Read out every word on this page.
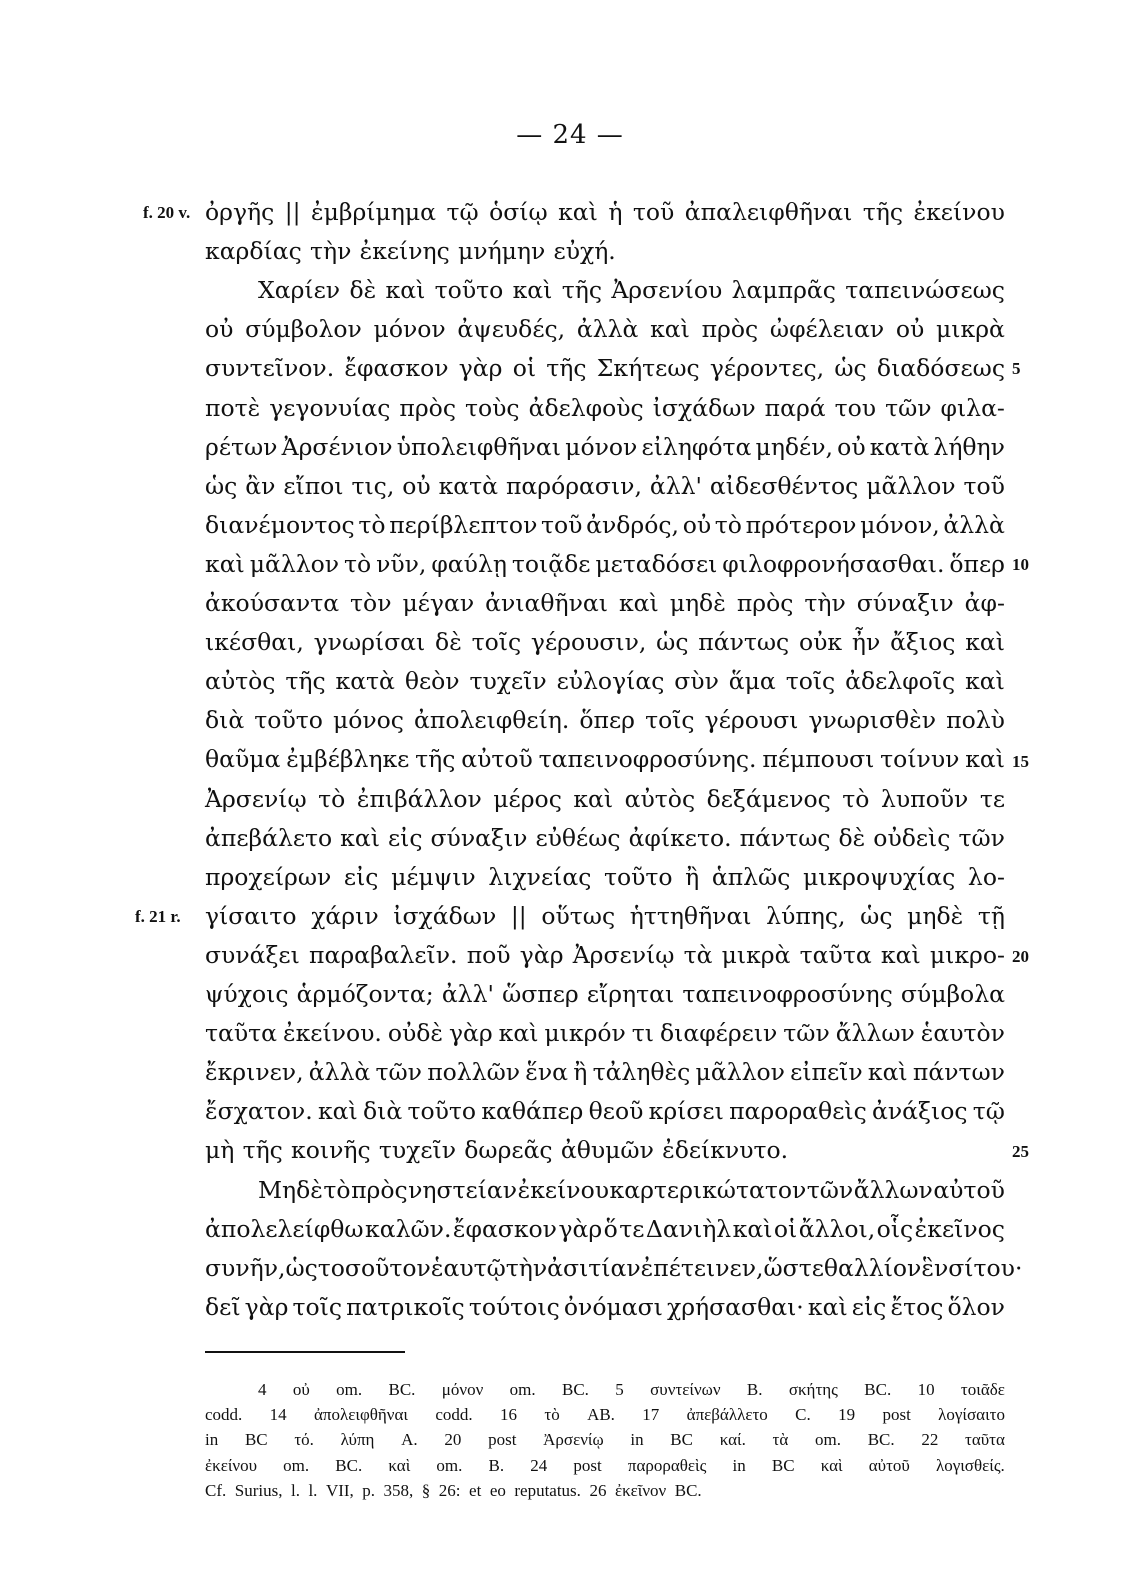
— 24 —
f. 20 v.
f. 21 r.
5
10
15
20
25
ὀργῆς || ἐμβρίμημα τῷ ὁσίῳ καὶ ἡ τοῦ ἀπαλειφθῆναι τῆς ἐκείνου
καρδίας τὴν ἐκείνης μνήμην εὐχή.
Χαρίεν δὲ καὶ τοῦτο καὶ τῆς Ἀρσενίου λαμπρᾶς ταπεινώσεως
οὐ σύμβολον μόνον ἀψευδές, ἀλλὰ καὶ πρὸς ὠφέλειαν οὐ μικρὰ
συντεῖνον. ἔφασκον γὰρ οἱ τῆς Σκήτεως γέροντες, ὡς διαδόσεως
ποτὲ γεγονυίας πρὸς τοὺς ἀδελφοὺς ἰσχάδων παρά του τῶν φιλα-
ρέτων Ἀρσένιον ὑπολειφθῆναι μόνον εἰληφότα μηδέν, οὐ κατὰ λήθην
ὡς ἂν εἴποι τις, οὐ κατὰ παρόρασιν, ἀλλ' αἰδεσθέντος μᾶλλον τοῦ
διανέμοντος τὸ περίβλεπτον τοῦ ἀνδρός, οὐ τὸ πρότερον μόνον, ἀλλὰ
καὶ μᾶλλον τὸ νῦν, φαύλῃ τοιᾷδε μεταδόσει φιλοφρονήσασθαι. ὅπερ
ἀκούσαντα τὸν μέγαν ἀνιαθῆναι καὶ μηδὲ πρὸς τὴν σύναξιν ἀφ-
ικέσθαι, γνωρίσαι δὲ τοῖς γέρουσιν, ὡς πάντως οὐκ ἦν ἄξιος καὶ
αὐτὸς τῆς κατὰ θεὸν τυχεῖν εὐλογίας σὺν ἅμα τοῖς ἀδελφοῖς καὶ
διὰ τοῦτο μόνος ἀπολειφθείη. ὅπερ τοῖς γέρουσι γνωρισθὲν πολὺ
θαῦμα ἐμβέβληκε τῆς αὐτοῦ ταπεινοφροσύνης. πέμπουσι τοίνυν καὶ
Ἀρσενίῳ τὸ ἐπιβάλλον μέρος καὶ αὐτὸς δεξάμενος τὸ λυποῦν τε
ἀπεβάλετο καὶ εἰς σύναξιν εὐθέως ἀφίκετο. πάντως δὲ οὐδεὶς τῶν
προχείρων εἰς μέμψιν λιχνείας τοῦτο ἢ ἁπλῶς μικροψυχίας λο-
γίσαιτο χάριν ἰσχάδων || οὕτως ἡττηθῆναι λύπης, ὡς μηδὲ τῇ
συνάξει παραβαλεῖν. ποῦ γὰρ Ἀρσενίῳ τὰ μικρὰ ταῦτα καὶ μικρο-
ψύχοις ἁρμόζοντα; ἀλλ' ὥσπερ εἴρηται ταπεινοφροσύνης σύμβολα
ταῦτα ἐκείνου. οὐδὲ γὰρ καὶ μικρόν τι διαφέρειν τῶν ἄλλων ἑαυτὸν
ἔκρινεν, ἀλλὰ τῶν πολλῶν ἕνα ἢ τἀληθὲς μᾶλλον εἰπεῖν καὶ πάντων
ἔσχατον. καὶ διὰ τοῦτο καθάπερ θεοῦ κρίσει παροραθεὶς ἀνάξιος τῷ
μὴ τῆς κοινῆς τυχεῖν δωρεᾶς ἀθυμῶν ἐδείκνυτο.
Μηδὲ τὸ πρὸς νηστείαν ἐκείνου καρτερικώτατον τῶν ἄλλων αὐτοῦ
ἀπολελείφθω καλῶν. ἔφασκον γὰρ ὅ τε Δανιὴλ καὶ οἱ ἄλλοι, οἷς ἐκεῖνος
συνῆν, ὡς τοσοῦτον ἑαυτῷ τὴν ἀσιτίαν ἐπέτεινεν, ὥστε θαλλίον ἓν σίτου·
δεῖ γὰρ τοῖς πατρικοῖς τούτοις ὀνόμασι χρήσασθαι· καὶ εἰς ἔτος ὅλον
4 οὐ om. BC. μόνον om. BC. 5 συντείνων B. σκήτης BC. 10 τοιᾶδε
codd. 14 ἀπολειφθῆναι codd. 16 τὸ AB. 17 ἀπεβάλλετο C. 19 post λογίσαιτο
in BC τό. λύπη A. 20 post Ἀρσενίῳ in BC καί. τὰ om. BC. 22 ταῦτα
ἐκείνου om. BC. καὶ om. B. 24 post παροραθεὶς in BC καὶ αὐτοῦ λογισθείς.
Cf. Surius, l. l. VII, p. 358, § 26: et eo reputatus. 26 ἐκεῖνον BC.
